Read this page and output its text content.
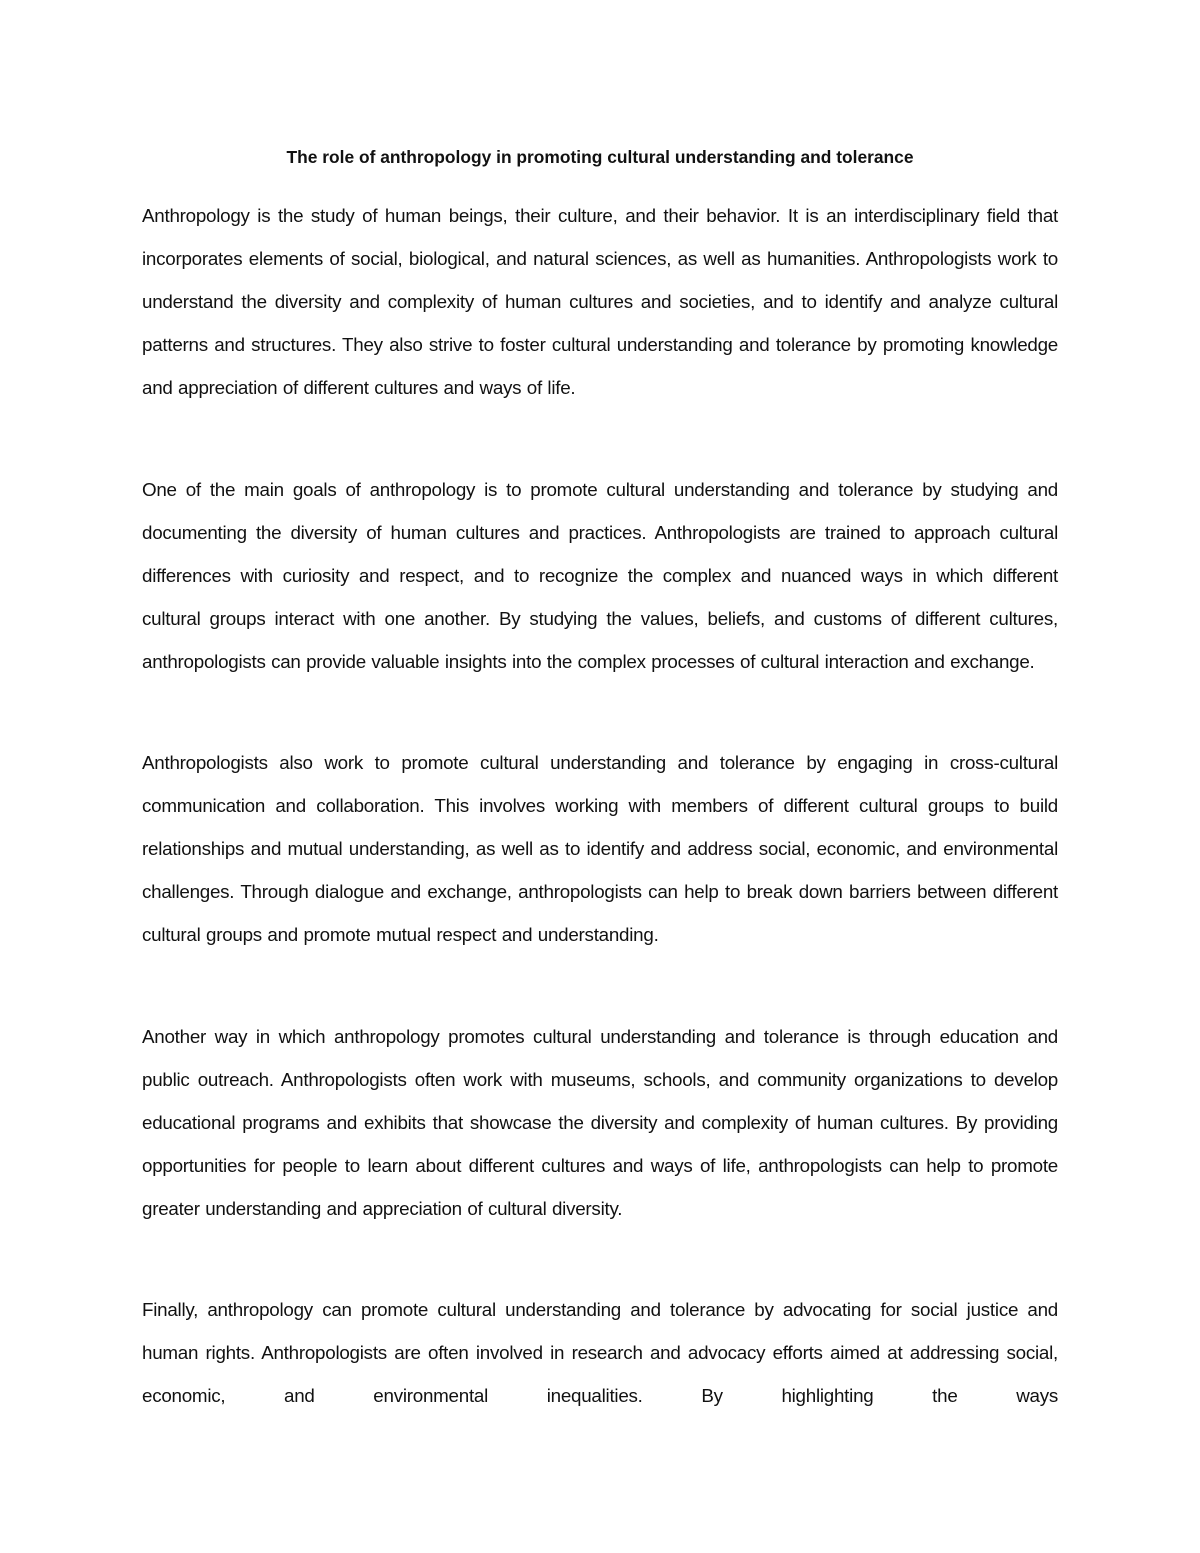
The role of anthropology in promoting cultural understanding and tolerance

Anthropology is the study of human beings, their culture, and their behavior. It is an interdisciplinary field that incorporates elements of social, biological, and natural sciences, as well as humanities. Anthropologists work to understand the diversity and complexity of human cultures and societies, and to identify and analyze cultural patterns and structures. They also strive to foster cultural understanding and tolerance by promoting knowledge and appreciation of different cultures and ways of life.

One of the main goals of anthropology is to promote cultural understanding and tolerance by studying and documenting the diversity of human cultures and practices. Anthropologists are trained to approach cultural differences with curiosity and respect, and to recognize the complex and nuanced ways in which different cultural groups interact with one another. By studying the values, beliefs, and customs of different cultures, anthropologists can provide valuable insights into the complex processes of cultural interaction and exchange.

Anthropologists also work to promote cultural understanding and tolerance by engaging in cross-cultural communication and collaboration. This involves working with members of different cultural groups to build relationships and mutual understanding, as well as to identify and address social, economic, and environmental challenges. Through dialogue and exchange, anthropologists can help to break down barriers between different cultural groups and promote mutual respect and understanding.

Another way in which anthropology promotes cultural understanding and tolerance is through education and public outreach. Anthropologists often work with museums, schools, and community organizations to develop educational programs and exhibits that showcase the diversity and complexity of human cultures. By providing opportunities for people to learn about different cultures and ways of life, anthropologists can help to promote greater understanding and appreciation of cultural diversity.

Finally, anthropology can promote cultural understanding and tolerance by advocating for social justice and human rights. Anthropologists are often involved in research and advocacy efforts aimed at addressing social, economic, and environmental inequalities. By highlighting the ways
